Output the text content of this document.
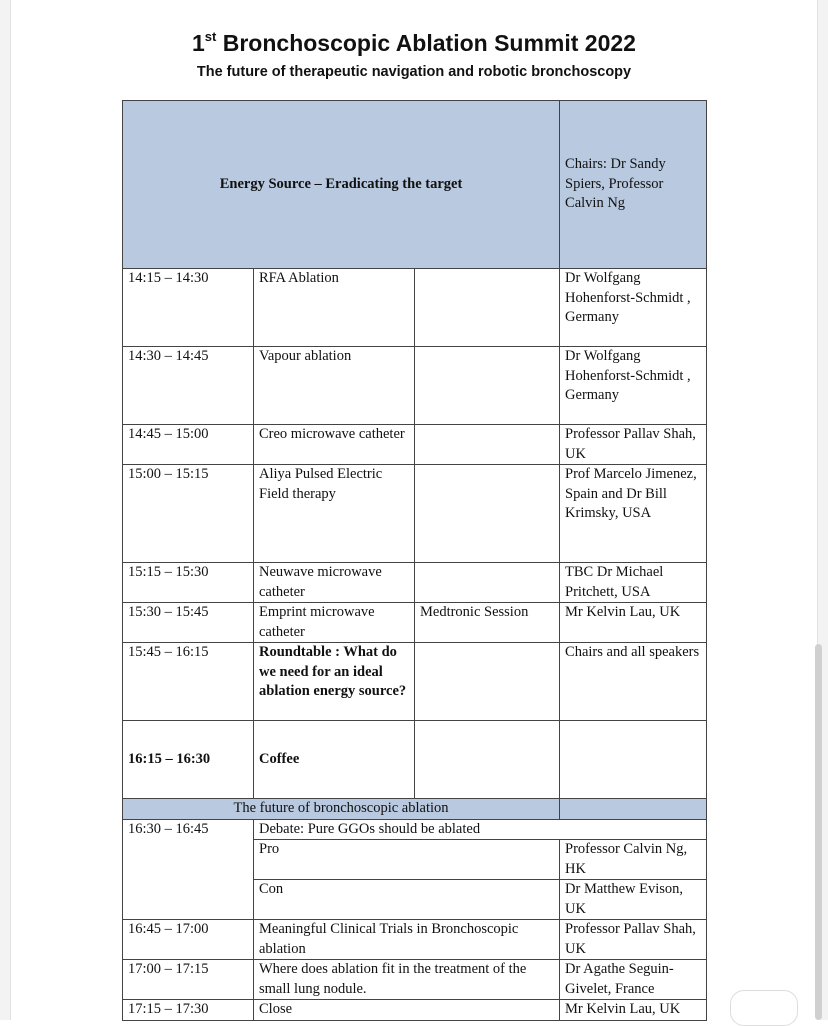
1st Bronchoscopic Ablation Summit 2022
The future of therapeutic navigation and robotic bronchoscopy
Energy Source – Eradicating the target			Chairs: Dr Sandy Spiers, Professor Calvin Ng
14:15 – 14:30	RFA Ablation		Dr Wolfgang Hohenforst-Schmidt , Germany
14:30 – 14:45	Vapour ablation		Dr Wolfgang Hohenforst-Schmidt , Germany
14:45 – 15:00	Creo microwave catheter		Professor Pallav Shah, UK
15:00 – 15:15	Aliya Pulsed Electric Field therapy		Prof Marcelo Jimenez, Spain and Dr Bill Krimsky, USA
15:15 – 15:30	Neuwave microwave catheter		TBC Dr Michael Pritchett, USA
15:30 – 15:45	Emprint microwave catheter	Medtronic Session	Mr Kelvin Lau, UK
15:45 – 16:15	Roundtable : What do we need for an ideal ablation energy source?		Chairs and all speakers
16:15 – 16:30	Coffee		
The future of bronchoscopic ablation			
16:30 – 16:45	Debate: Pure GGOs should be ablated		
	Pro		Professor Calvin Ng, HK
	Con		Dr Matthew Evison, UK
16:45 – 17:00	Meaningful Clinical Trials in Bronchoscopic ablation		Professor Pallav Shah, UK
17:00 – 17:15	Where does ablation fit in the treatment of the small lung nodule.		Dr Agathe Seguin-Givelet, France
17:15 – 17:30	Close		Mr Kelvin Lau, UK
